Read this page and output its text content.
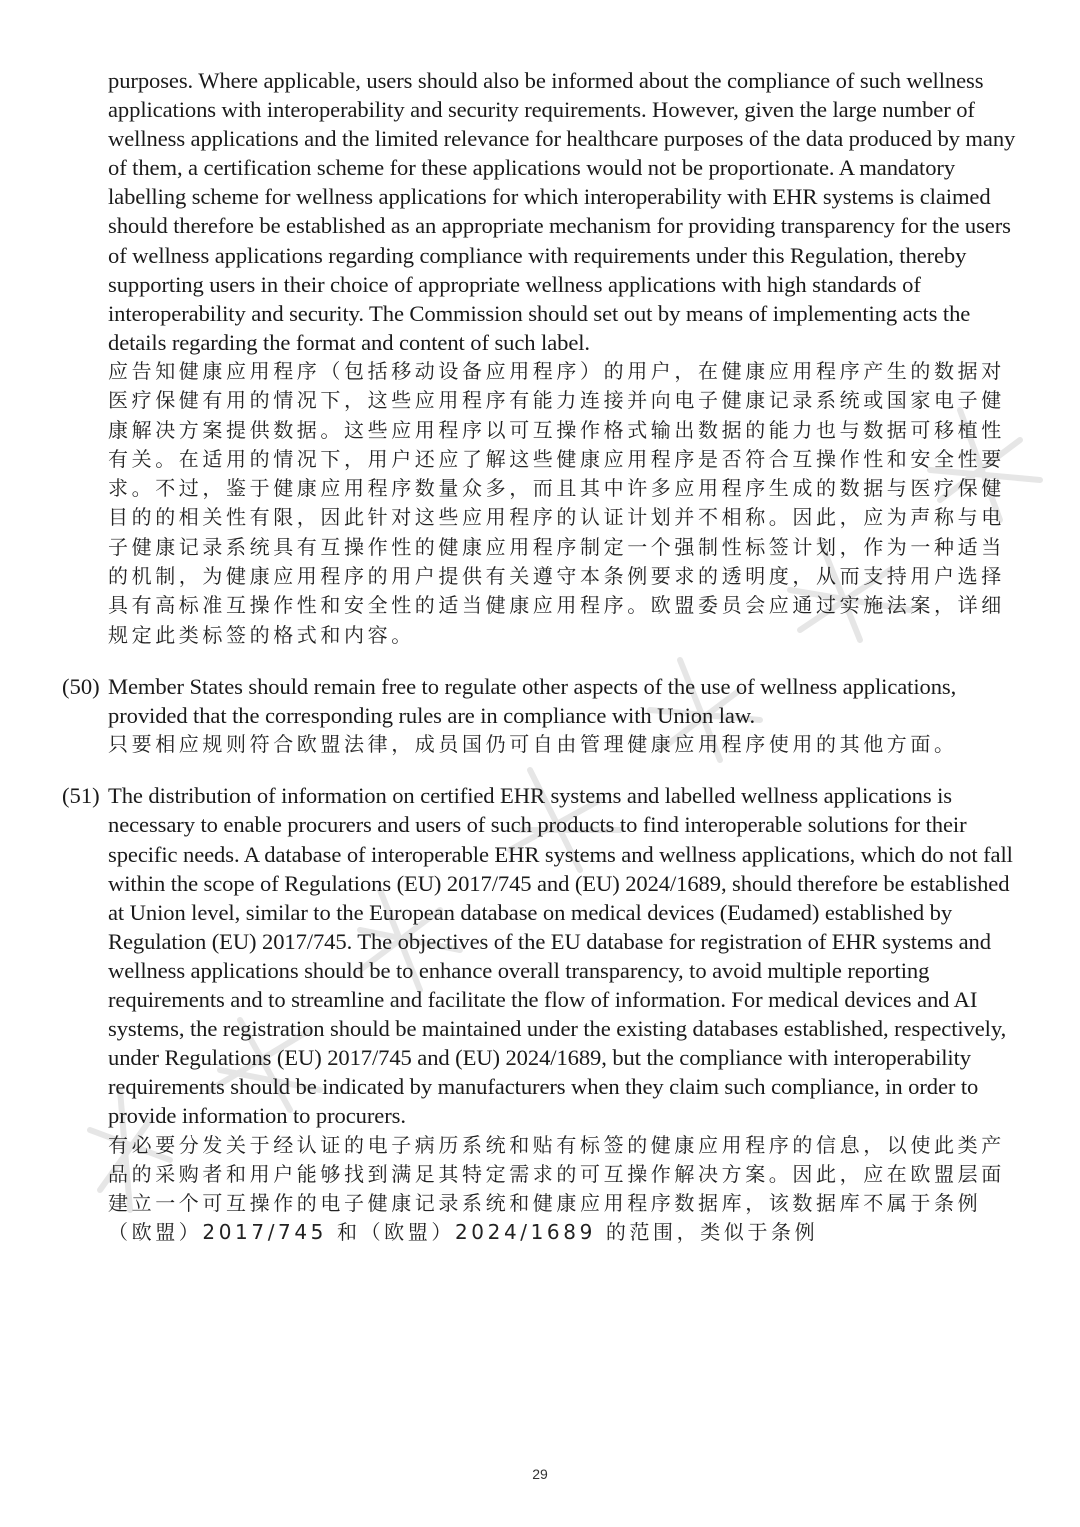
purposes. Where applicable, users should also be informed about the compliance of such wellness applications with interoperability and security requirements. However, given the large number of wellness applications and the limited relevance for healthcare purposes of the data produced by many of them, a certification scheme for these applications would not be proportionate. A mandatory labelling scheme for wellness applications for which interoperability with EHR systems is claimed should therefore be established as an appropriate mechanism for providing transparency for the users of wellness applications regarding compliance with requirements under this Regulation, thereby supporting users in their choice of appropriate wellness applications with high standards of interoperability and security. The Commission should set out by means of implementing acts the details regarding the format and content of such label.

应告知健康应用程序（包括移动设备应用程序）的用户，在健康应用程序产生的数据对医疗保健有用的情况下，这些应用程序有能力连接并向电子健康记录系统或国家电子健康解决方案提供数据。这些应用程序以可互操作格式输出数据的能力也与数据可移植性有关。在适用的情况下，用户还应了解这些健康应用程序是否符合互操作性和安全性要求。不过，鉴于健康应用程序数量众多，而且其中许多应用程序生成的数据与医疗保健目的的相关性有限，因此针对这些应用程序的认证计划并不相称。因此，应为声称与电子健康记录系统具有互操作性的健康应用程序制定一个强制性标签计划，作为一种适当的机制，为健康应用程序的用户提供有关遵守本条例要求的透明度，从而支持用户选择具有高标准互操作性和安全性的适当健康应用程序。欧盟委员会应通过实施法案，详细规定此类标签的格式和内容。

(50) Member States should remain free to regulate other aspects of the use of wellness applications, provided that the corresponding rules are in compliance with Union law.

只要相应规则符合欧盟法律，成员国仍可自由管理健康应用程序使用的其他方面。

(51) The distribution of information on certified EHR systems and labelled wellness applications is necessary to enable procurers and users of such products to find interoperable solutions for their specific needs. A database of interoperable EHR systems and wellness applications, which do not fall within the scope of Regulations (EU) 2017/745 and (EU) 2024/1689, should therefore be established at Union level, similar to the European database on medical devices (Eudamed) established by Regulation (EU) 2017/745. The objectives of the EU database for registration of EHR systems and wellness applications should be to enhance overall transparency, to avoid multiple reporting requirements and to streamline and facilitate the flow of information. For medical devices and AI systems, the registration should be maintained under the existing databases established, respectively, under Regulations (EU) 2017/745 and (EU) 2024/1689, but the compliance with interoperability requirements should be indicated by manufacturers when they claim such compliance, in order to provide information to procurers.

有必要分发关于经认证的电子病历系统和贴有标签的健康应用程序的信息，以使此类产品的采购者和用户能够找到满足其特定需求的可互操作解决方案。因此，应在欧盟层面建立一个可互操作的电子健康记录系统和健康应用程序数据库，该数据库不属于条例（欧盟）2017/745 和（欧盟）2024/1689 的范围，类似于条例

29
